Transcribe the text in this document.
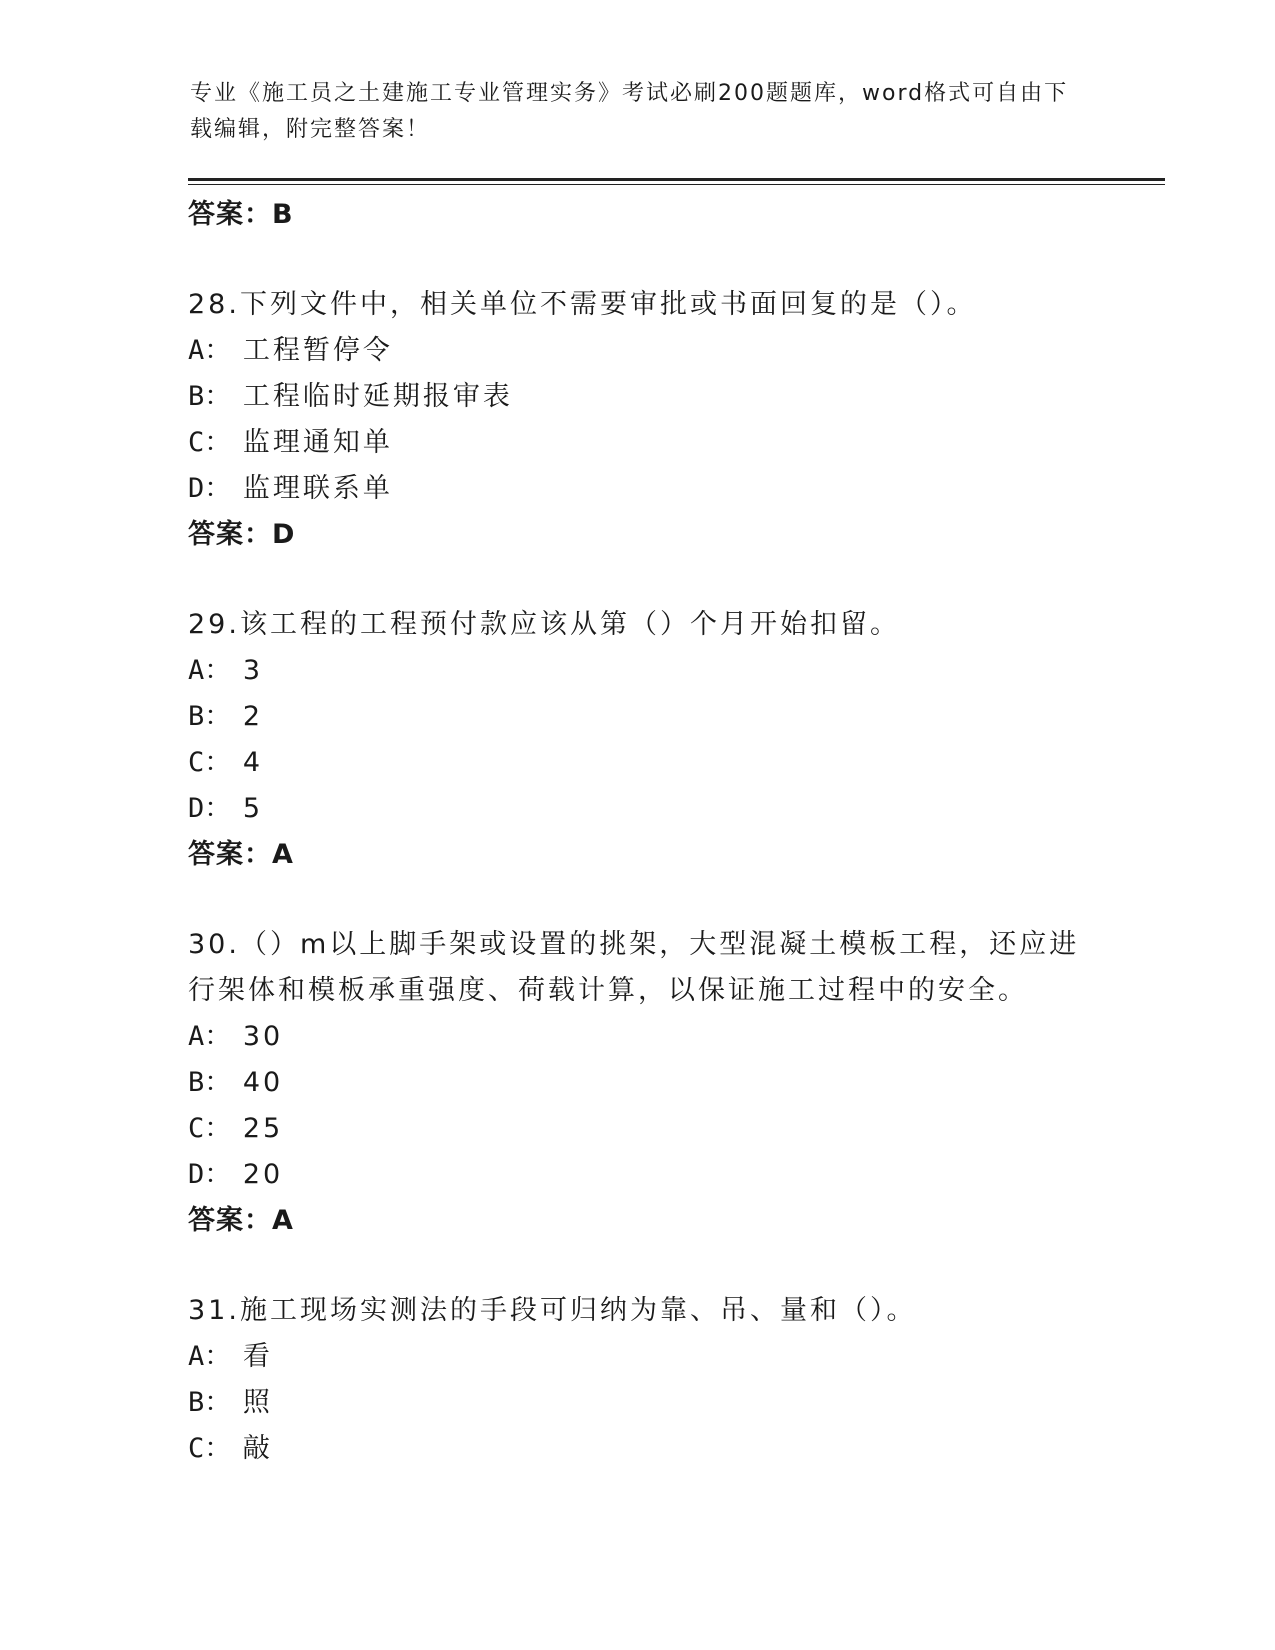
专业《施工员之土建施工专业管理实务》考试必刷200题题库，word格式可自由下载编辑，附完整答案！
答案：B
28.下列文件中，相关单位不需要审批或书面回复的是（）。
A： 工程暂停令
B： 工程临时延期报审表
C： 监理通知单
D： 监理联系单
答案：D
29.该工程的工程预付款应该从第（）个月开始扣留。
A： 3
B： 2
C： 4
D： 5
答案：A
30.（）m以上脚手架或设置的挑架，大型混凝土模板工程，还应进行架体和模板承重强度、荷载计算，以保证施工过程中的安全。
A： 30
B： 40
C： 25
D： 20
答案：A
31.施工现场实测法的手段可归纳为靠、吊、量和（）。
A： 看
B： 照
C： 敲
